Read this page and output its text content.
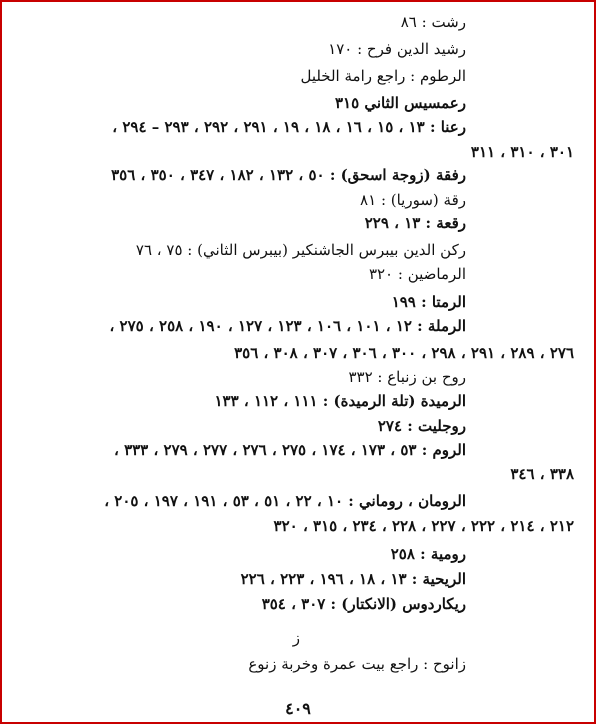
رشت : ٨٦
رشيد الدين فرح : ١٧٠
الرطوم : راجع رامة الخليل
رعمسيس الثاني ٣١٥
رعنا : ١٣ ، ١٥ ، ١٦ ، ١٨ ، ١٩ ، ٢٩١ ، ٢٩٢ ، ٢٩٣ – ٢٩٤ ،
٣٠١ ، ٣١٠ ، ٣١١
رفقة (زوجة اسحق) : ٥٠ ، ١٣٢ ، ١٨٢ ، ٣٤٧ ، ٣٥٠ ، ٣٥٦
رقة (سوريا) : ٨١
رقعة : ١٣ ، ٢٢٩
ركن الدين بيبرس الجاشنكير (بيبرس الثاني) : ٧٥ ، ٧٦
الرماضين : ٣٢٠
الرمتا : ١٩٩
الرملة : ١٢ ، ١٠١ ، ١٠٦ ، ١٢٣ ، ١٢٧ ، ١٩٠ ، ٢٥٨ ، ٢٧٥ ،
٢٧٦ ، ٢٨٩ ، ٢٩١ ، ٢٩٨ ، ٣٠٠ ، ٣٠٦ ، ٣٠٧ ، ٣٠٨ ، ٣٥٦
روح بن زنباع : ٣٣٢
الرميدة (تلة الرميدة) : ١١١ ، ١١٢ ، ١٣٣
روجليت : ٢٧٤
الروم : ٥٣ ، ١٧٣ ، ١٧٤ ، ٢٧٥ ، ٢٧٦ ، ٢٧٧ ، ٢٧٩ ، ٣٣٣ ،
٣٣٨ ، ٣٤٦
الرومان ، روماني : ١٠ ، ٢٢ ، ٥١ ، ٥٣ ، ١٩١ ، ١٩٧ ، ٢٠٥ ،
٢١٢ ، ٢١٤ ، ٢٢٢ ، ٢٢٧ ، ٢٢٨ ، ٢٣٤ ، ٣١٥ ، ٣٢٠
رومية : ٢٥٨
الريحية : ١٣ ، ١٨ ، ١٩٦ ، ٢٢٣ ، ٢٢٦
ريكاردوس (الانكتار) : ٣٠٧ ، ٣٥٤
ز
زانوح : راجع بيت عمرة وخربة زنوع
٤٠٩
